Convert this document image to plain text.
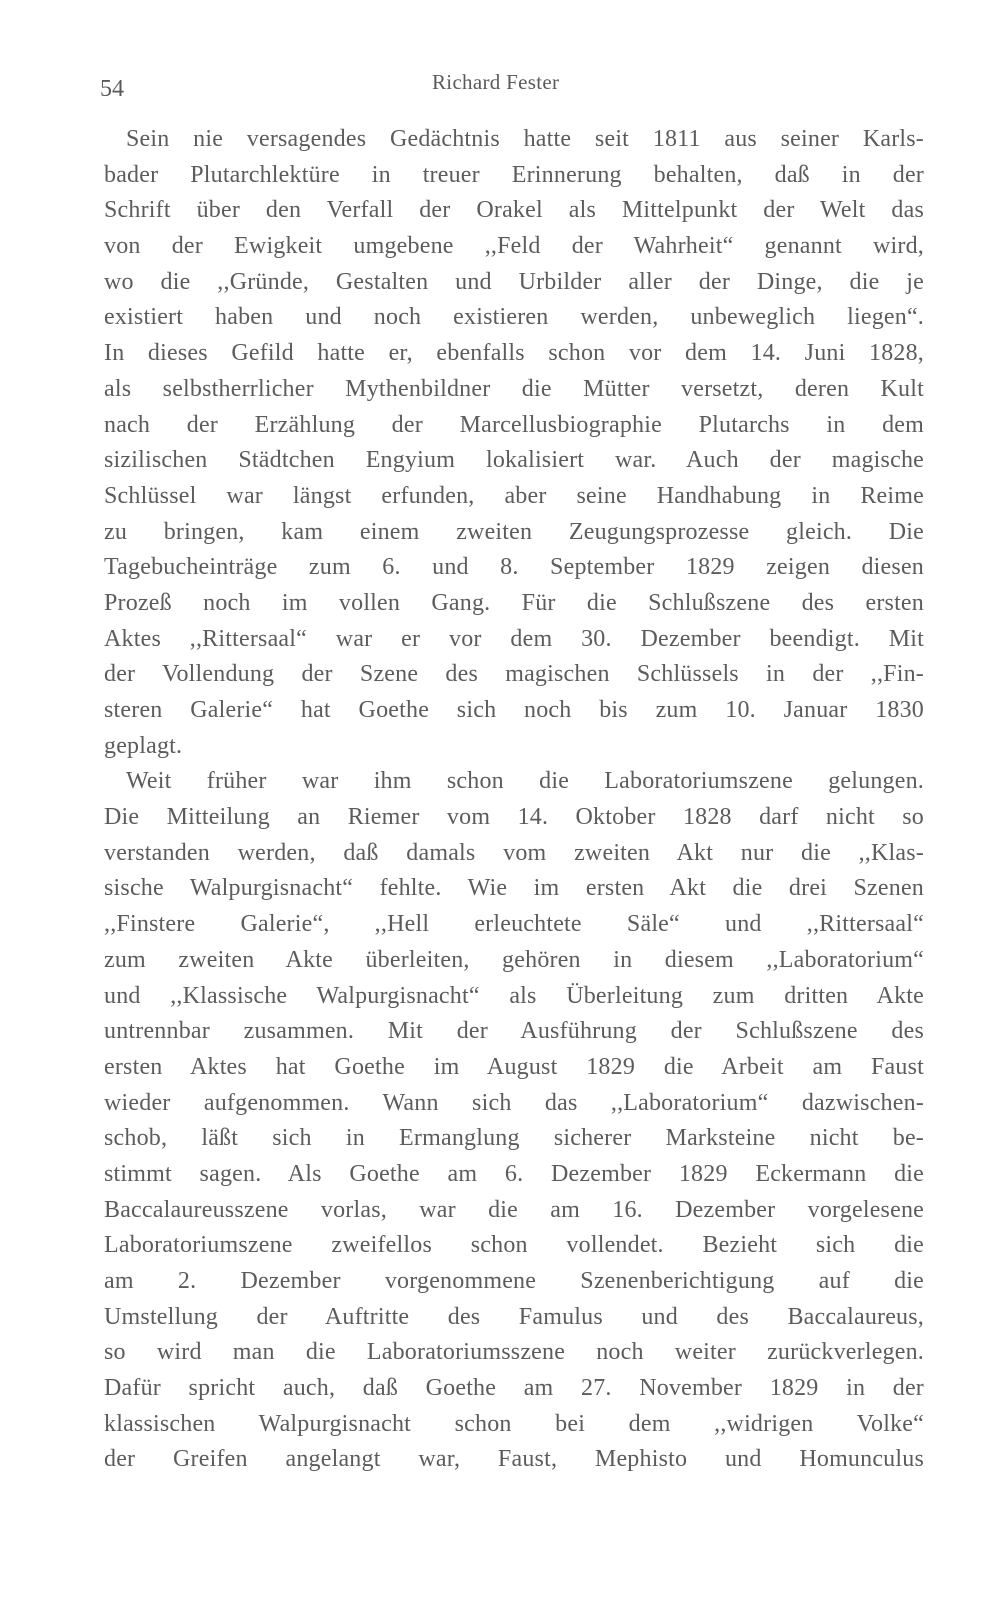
54	Richard Fester
Sein nie versagendes Gedächtnis hatte seit 1811 aus seiner Karls-
bader Plutarchlektüre in treuer Erinnerung behalten, daß in der
Schrift über den Verfall der Orakel als Mittelpunkt der Welt das
von der Ewigkeit umgebene ,,Feld der Wahrheit“ genannt wird,
wo die ,,Gründe, Gestalten und Urbilder aller der Dinge, die je
existiert haben und noch existieren werden, unbeweglich liegen“.
In dieses Gefild hatte er, ebenfalls schon vor dem 14. Juni 1828,
als selbstherrlicher Mythenbildner die Mütter versetzt, deren Kult
nach der Erzählung der Marcellusbiographie Plutarchs in dem
sizilischen Städtchen Engyium lokalisiert war. Auch der magische
Schlüssel war längst erfunden, aber seine Handhabung in Reime
zu bringen, kam einem zweiten Zeugungsprozesse gleich. Die
Tagebucheinträge zum 6. und 8. September 1829 zeigen diesen
Prozeß noch im vollen Gang. Für die Schlußszene des ersten
Aktes ,,Rittersaal“ war er vor dem 30. Dezember beendigt. Mit
der Vollendung der Szene des magischen Schlüssels in der ,,Fin-
steren Galerie“ hat Goethe sich noch bis zum 10. Januar 1830
geplagt.
Weit früher war ihm schon die Laboratoriumszene gelungen.
Die Mitteilung an Riemer vom 14. Oktober 1828 darf nicht so
verstanden werden, daß damals vom zweiten Akt nur die ,,Klas-
sische Walpurgisnacht“ fehlte. Wie im ersten Akt die drei Szenen
,,Finstere Galerie“, ,,Hell erleuchtete Säle“ und ,,Rittersaal“
zum zweiten Akte überleiten, gehören in diesem ,,Laboratorium“
und ,,Klassische Walpurgisnacht“ als Überleitung zum dritten Akte
untrennbar zusammen. Mit der Ausführung der Schlußszene des
ersten Aktes hat Goethe im August 1829 die Arbeit am Faust
wieder aufgenommen. Wann sich das ,,Laboratorium“ dazwischen-
schob, läßt sich in Ermanglung sicherer Marksteine nicht be-
stimmt sagen. Als Goethe am 6. Dezember 1829 Eckermann die
Baccalaureusszene vorlas, war die am 16. Dezember vorgelesene
Laboratoriumszene zweifellos schon vollendet. Bezieht sich die
am 2. Dezember vorgenommene Szenenberichtigung auf die
Umstellung der Auftritte des Famulus und des Baccalaureus,
so wird man die Laboratoriumsszene noch weiter zurückverlegen.
Dafür spricht auch, daß Goethe am 27. November 1829 in der
klassischen Walpurgisnacht schon bei dem ,,widrigen Volke“
der Greifen angelangt war, Faust, Mephisto und Homunculus
